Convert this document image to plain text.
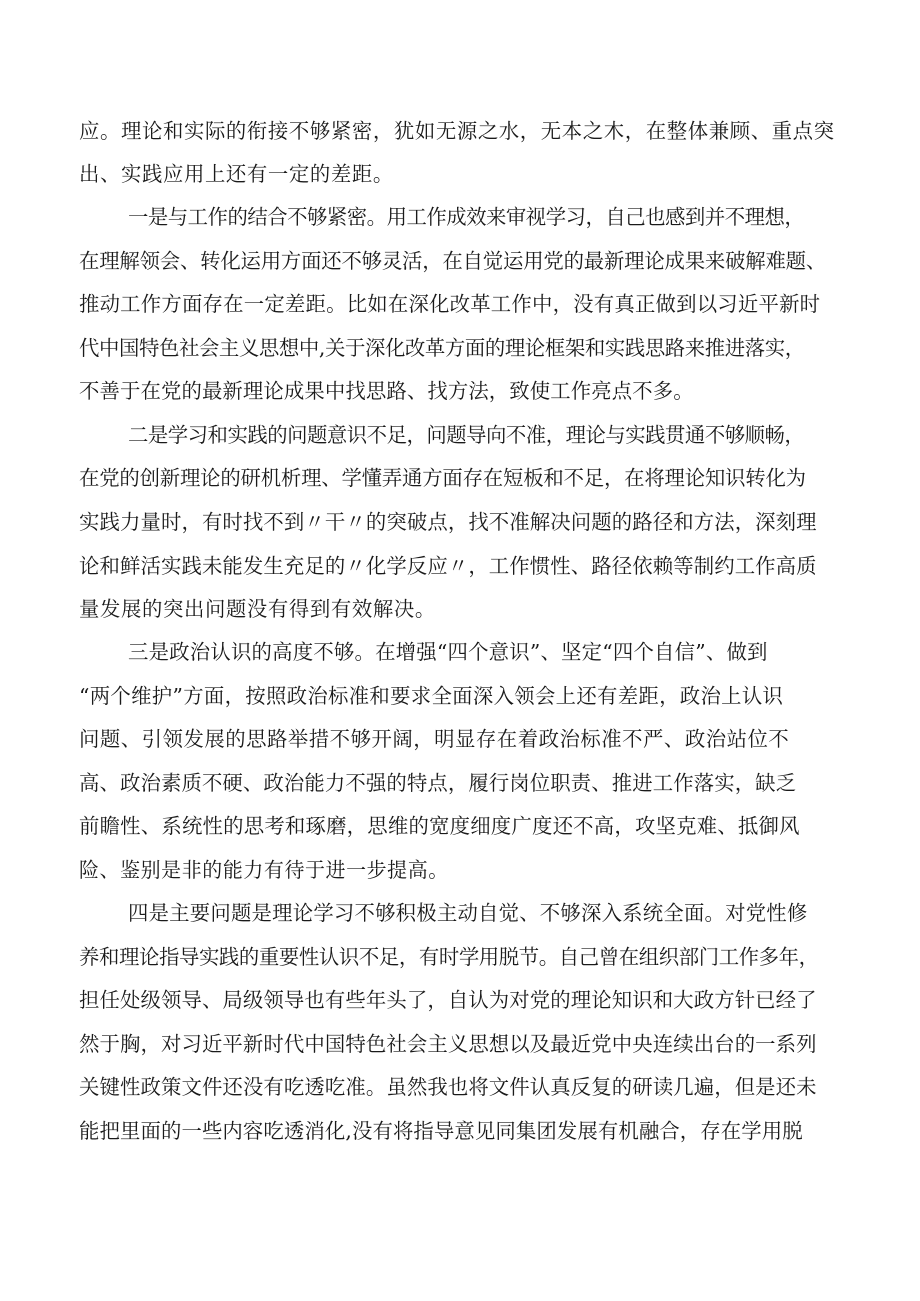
应。理论和实际的衔接不够紧密，犹如无源之水，无本之木，在整体兼顾、重点突
出、实践应用上还有一定的差距。
一是与工作的结合不够紧密。用工作成效来审视学习，自己也感到并不理想，
在理解领会、转化运用方面还不够灵活，在自觉运用党的最新理论成果来破解难题、
推动工作方面存在一定差距。比如在深化改革工作中，没有真正做到以习近平新时
代中国特色社会主义思想中,关于深化改革方面的理论框架和实践思路来推进落实，
不善于在党的最新理论成果中找思路、找方法，致使工作亮点不多。
二是学习和实践的问题意识不足，问题导向不准，理论与实践贯通不够顺畅，
在党的创新理论的研机析理、学懂弄通方面存在短板和不足，在将理论知识转化为
实践力量时，有时找不到〃干〃的突破点，找不准解决问题的路径和方法，深刻理
论和鲜活实践未能发生充足的〃化学反应〃，工作惯性、路径依赖等制约工作高质
量发展的突出问题没有得到有效解决。
三是政治认识的高度不够。在增强“四个意识”、坚定“四个自信”、做到
“两个维护”方面，按照政治标准和要求全面深入领会上还有差距，政治上认识
问题、引领发展的思路举措不够开阔，明显存在着政治标准不严、政治站位不
高、政治素质不硬、政治能力不强的特点，履行岗位职责、推进工作落实，缺乏
前瞻性、系统性的思考和琢磨，思维的宽度细度广度还不高，攻坚克难、抵御风
险、鉴别是非的能力有待于进一步提高。
四是主要问题是理论学习不够积极主动自觉、不够深入系统全面。对党性修
养和理论指导实践的重要性认识不足，有时学用脱节。自己曾在组织部门工作多年，
担任处级领导、局级领导也有些年头了，自认为对党的理论知识和大政方针已经了
然于胸，对习近平新时代中国特色社会主义思想以及最近党中央连续出台的一系列
关键性政策文件还没有吃透吃准。虽然我也将文件认真反复的研读几遍，但是还未
能把里面的一些内容吃透消化,没有将指导意见同集团发展有机融合，存在学用脱
